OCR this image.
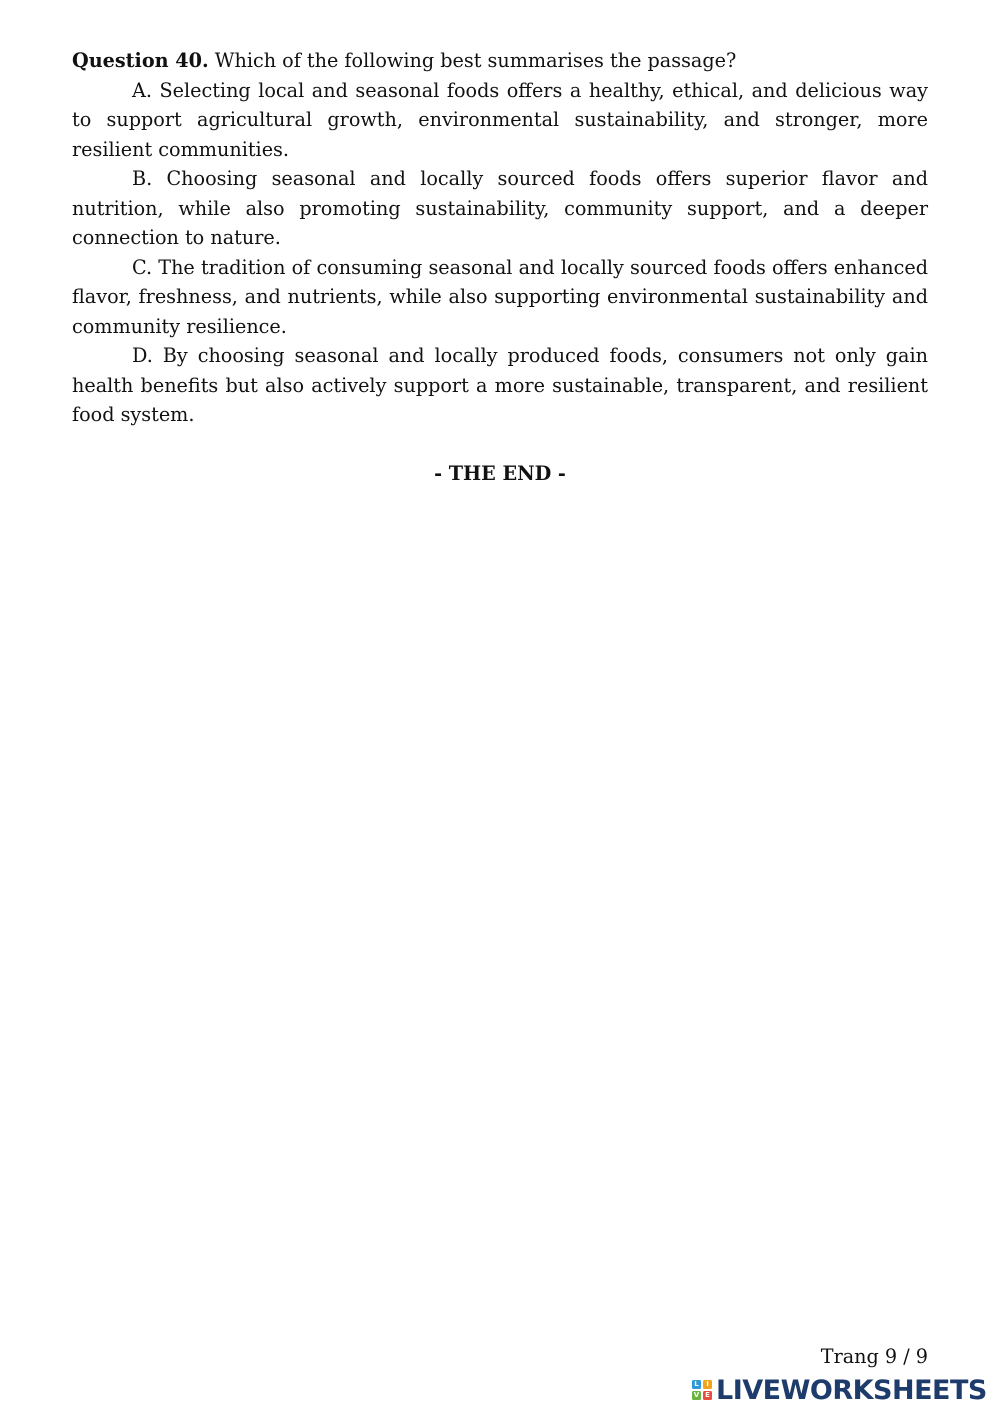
Question 40. Which of the following best summarises the passage?

A. Selecting local and seasonal foods offers a healthy, ethical, and delicious way to support agricultural growth, environmental sustainability, and stronger, more resilient communities.

B. Choosing seasonal and locally sourced foods offers superior flavor and nutrition, while also promoting sustainability, community support, and a deeper connection to nature.

C. The tradition of consuming seasonal and locally sourced foods offers enhanced flavor, freshness, and nutrients, while also supporting environmental sustainability and community resilience.

D. By choosing seasonal and locally produced foods, consumers not only gain health benefits but also actively support a more sustainable, transparent, and resilient food system.

- THE END -

Trang 9 / 9
L	I
V E LIVEWORKSHEETS
